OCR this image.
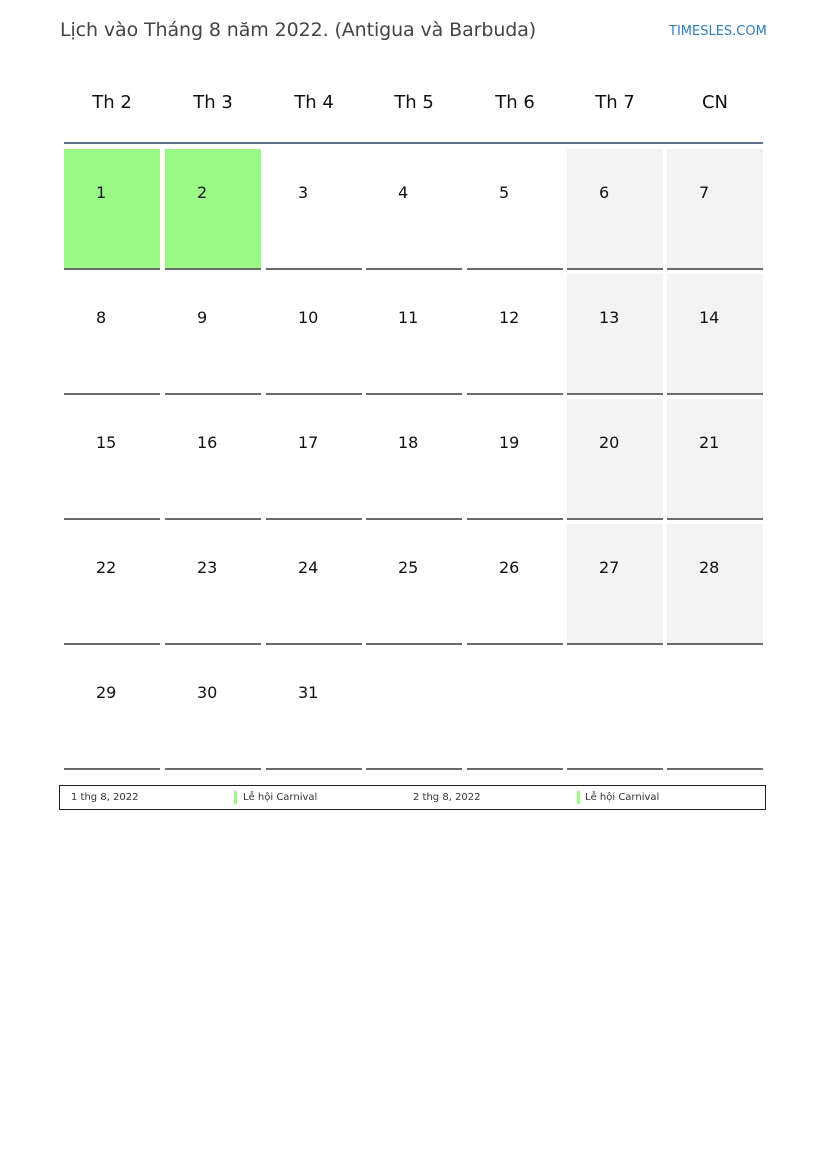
Lịch vào Tháng 8 năm 2022. (Antigua và Barbuda)	TIMESLES.COM
Th 2	Th 3	Th 4	Th 5	Th 6	Th 7	CN
1	2	3	4	5	6	7
8	9	10	11	12	13	14
15	16	17	18	19	20	21
22	23	24	25	26	27	28
29	30	31
1 thg 8, 2022	Lễ hội Carnival	2 thg 8, 2022	Lễ hội Carnival
